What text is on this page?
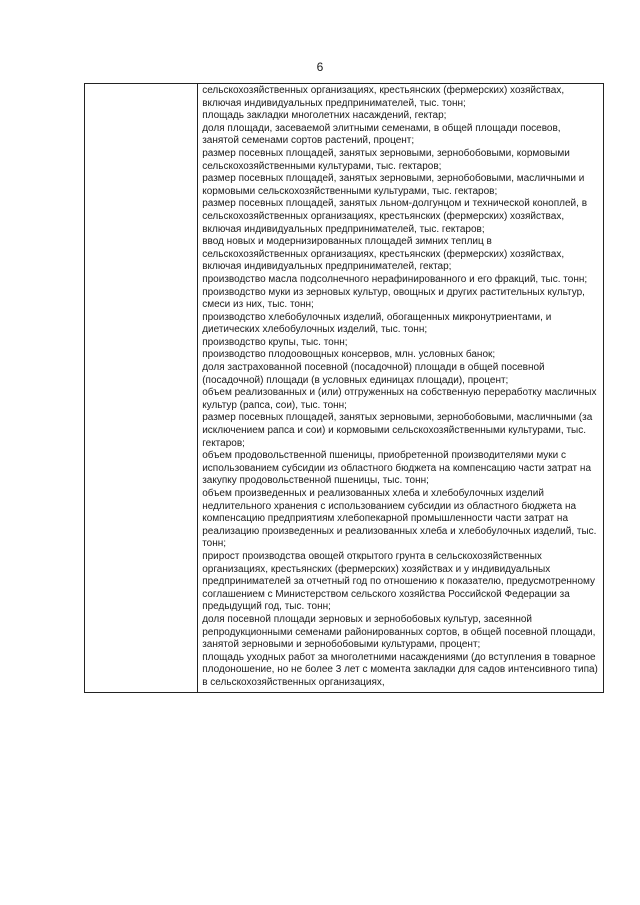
6

сельскохозяйственных организациях, крестьянских (фермерских) хозяйствах, включая индивидуальных предпринимателей, тыс. тонн;
площадь закладки многолетних насаждений, гектар;
доля площади, засеваемой элитными семенами, в общей площади посевов, занятой семенами сортов растений, процент;
размер посевных площадей, занятых зерновыми, зернобобовыми, кормовыми сельскохозяйственными культурами, тыс. гектаров;
размер посевных площадей, занятых зерновыми, зернобобовыми, масличными и кормовыми сельскохозяйственными культурами, тыс. гектаров;
размер посевных площадей, занятых льном-долгунцом и технической коноплей, в сельскохозяйственных организациях, крестьянских (фермерских) хозяйствах, включая индивидуальных предпринимателей, тыс. гектаров;
ввод новых и модернизированных площадей зимних теплиц в сельскохозяйственных организациях, крестьянских (фермерских) хозяйствах, включая индивидуальных предпринимателей, гектар;
производство масла подсолнечного нерафинированного и его фракций, тыс. тонн;
производство муки из зерновых культур, овощных и других растительных культур, смеси из них, тыс. тонн;
производство хлебобулочных изделий, обогащенных микронутриентами, и диетических хлебобулочных изделий, тыс. тонн;
производство крупы, тыс. тонн;
производство плодоовощных консервов, млн. условных банок;
доля застрахованной посевной (посадочной) площади в общей посевной (посадочной) площади (в условных единицах площади), процент;
объем реализованных и (или) отгруженных на собственную переработку масличных культур (рапса, сои), тыс. тонн;
размер посевных площадей, занятых зерновыми, зернобобовыми, масличными (за исключением рапса и сои) и кормовыми сельскохозяйственными культурами, тыс. гектаров;
объем продовольственной пшеницы, приобретенной производителями муки с использованием субсидии из областного бюджета на компенсацию части затрат на закупку продовольственной пшеницы, тыс. тонн;
объем произведенных и реализованных хлеба и хлебобулочных изделий недлительного хранения с использованием субсидии из областного бюджета на компенсацию предприятиям хлебопекарной промышленности части затрат на реализацию произведенных и реализованных хлеба и хлебобулочных изделий, тыс. тонн;
прирост производства овощей открытого грунта в сельскохозяйственных организациях, крестьянских (фермерских) хозяйствах и у индивидуальных предпринимателей за отчетный год по отношению к показателю, предусмотренному соглашением с Министерством сельского хозяйства Российской Федерации за предыдущий год, тыс. тонн;
доля посевной площади зерновых и зернобобовых культур, засеянной репродукционными семенами районированных сортов, в общей посевной площади, занятой зерновыми и зернобобовыми культурами, процент;
площадь уходных работ за многолетними насаждениями (до вступления в товарное плодоношение, но не более 3 лет с момента закладки для садов интенсивного типа) в сельскохозяйственных организациях,
